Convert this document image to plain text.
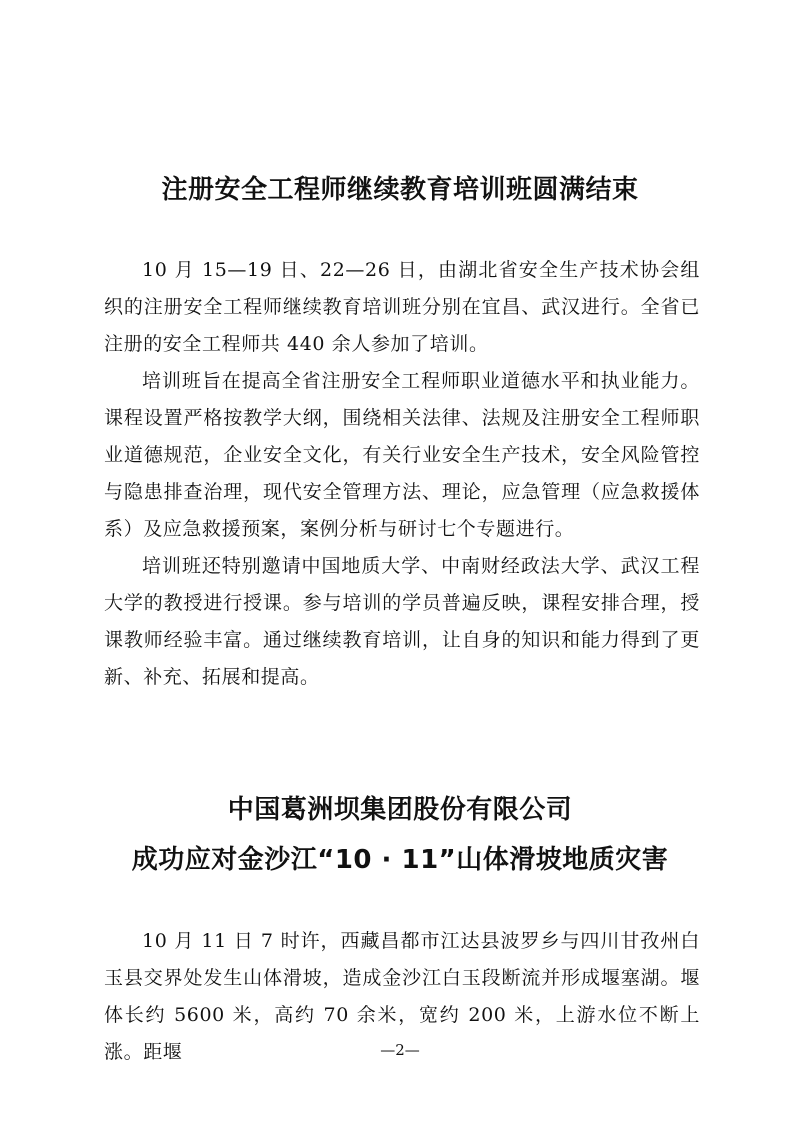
注册安全工程师继续教育培训班圆满结束

10 月 15—19 日、22—26 日，由湖北省安全生产技术协会组织的注册安全工程师继续教育培训班分别在宜昌、武汉进行。全省已注册的安全工程师共 440 余人参加了培训。

培训班旨在提高全省注册安全工程师职业道德水平和执业能力。课程设置严格按教学大纲，围绕相关法律、法规及注册安全工程师职业道德规范，企业安全文化，有关行业安全生产技术，安全风险管控与隐患排查治理，现代安全管理方法、理论，应急管理（应急救援体系）及应急救援预案，案例分析与研讨七个专题进行。

培训班还特别邀请中国地质大学、中南财经政法大学、武汉工程大学的教授进行授课。参与培训的学员普遍反映，课程安排合理，授课教师经验丰富。通过继续教育培训，让自身的知识和能力得到了更新、补充、拓展和提高。

中国葛洲坝集团股份有限公司
成功应对金沙江“10 · 11”山体滑坡地质灾害

10 月 11 日 7 时许，西藏昌都市江达县波罗乡与四川甘孜州白玉县交界处发生山体滑坡，造成金沙江白玉段断流并形成堰塞湖。堰体长约 5600 米，高约 70 余米，宽约 200 米，上游水位不断上涨。距堰	—2—
